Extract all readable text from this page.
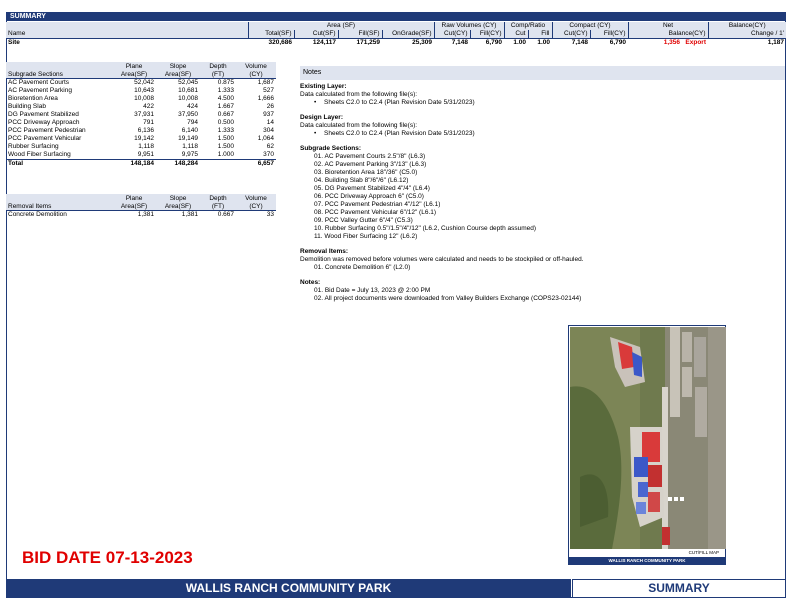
SUMMARY
	Area (SF)				Raw Volumes (CY)		Comp/Ratio		Compact (CY)		Net	Balance(CY)
Name	Total(SF)	Cut(SF)	Fill(SF)	OnGrade(SF)	Cut(CY)	Fill(CY)	Cut	Fill	Cut(CY)	Fill(CY)	Balance(CY)	Change / 1'
Site	320,686	124,117	171,259	25,309	7,148	6,790	1.00	1.00	7,148	6,790	1,356 Export	1,187
	Plane	Slope	Depth	Volume
Subgrade Sections	Area(SF)	Area(SF)	(FT)	(CY)
AC Pavement Courts	52,042	52,045	0.875	1,687
AC Pavement Parking	10,643	10,681	1.333	527
Bioretention Area	10,008	10,008	4.500	1,666
Building Slab	422	424	1.667	26
DG Pavement Stabilized	37,931	37,950	0.667	937
PCC Driveway Approach	791	794	0.500	14
PCC Pavement Pedestrian	6,136	6,140	1.333	304
PCC Pavement Vehicular	19,142	19,149	1.500	1,064
Rubber Surfacing	1,118	1,118	1.500	62
Wood Fiber Surfacing	9,951	9,975	1.000	370
Total	148,184	148,284		6,657
	Plane	Slope	Depth	Volume
Removal Items	Area(SF)	Area(SF)	(FT)	(CY)
Concrete Demolition	1,381	1,381	0.667	33
Notes
Existing Layer:
Data calculated from the following file(s):
• Sheets C2.0 to C2.4 (Plan Revision Date 5/31/2023)
Design Layer:
Data calculated from the following file(s):
• Sheets C2.0 to C2.4 (Plan Revision Date 5/31/2023)
Subgrade Sections:
01. AC Pavement Courts 2.5"/8" (L6.3)
02. AC Pavement Parking 3"/13" (L6.3)
03. Bioretention Area 18"/36" (C5.0)
04. Building Slab 8"/6"/6" (L6.12)
05. DG Pavement Stabilized 4"/4" (L6.4)
06. PCC Driveway Approach 6" (C5.0)
07. PCC Pavement Pedestrian 4"/12" (L6.1)
08. PCC Pavement Vehicular 6"/12" (L6.1)
09. PCC Valley Gutter 6"/4" (C5.3)
10. Rubber Surfacing 0.5"/1.5"/4"/12" (L6.2, Cushion Course depth assumed)
11. Wood Fiber Surfacing 12" (L6.2)
Removal Items:
Demolition was removed before volumes were calculated and needs to be stockpiled or off-hauled.
01. Concrete Demolition 6" (L2.0)
Notes:
01. Bid Date = July 13, 2023 @ 2:00 PM
02. All project documents were downloaded from Valley Builders Exchange (COPS23-02144)
CUT/FILL MAP
WALLIS RANCH COMMUNITY PARK
BID DATE 07-13-2023
WALLIS RANCH COMMUNITY PARK	SUMMARY
